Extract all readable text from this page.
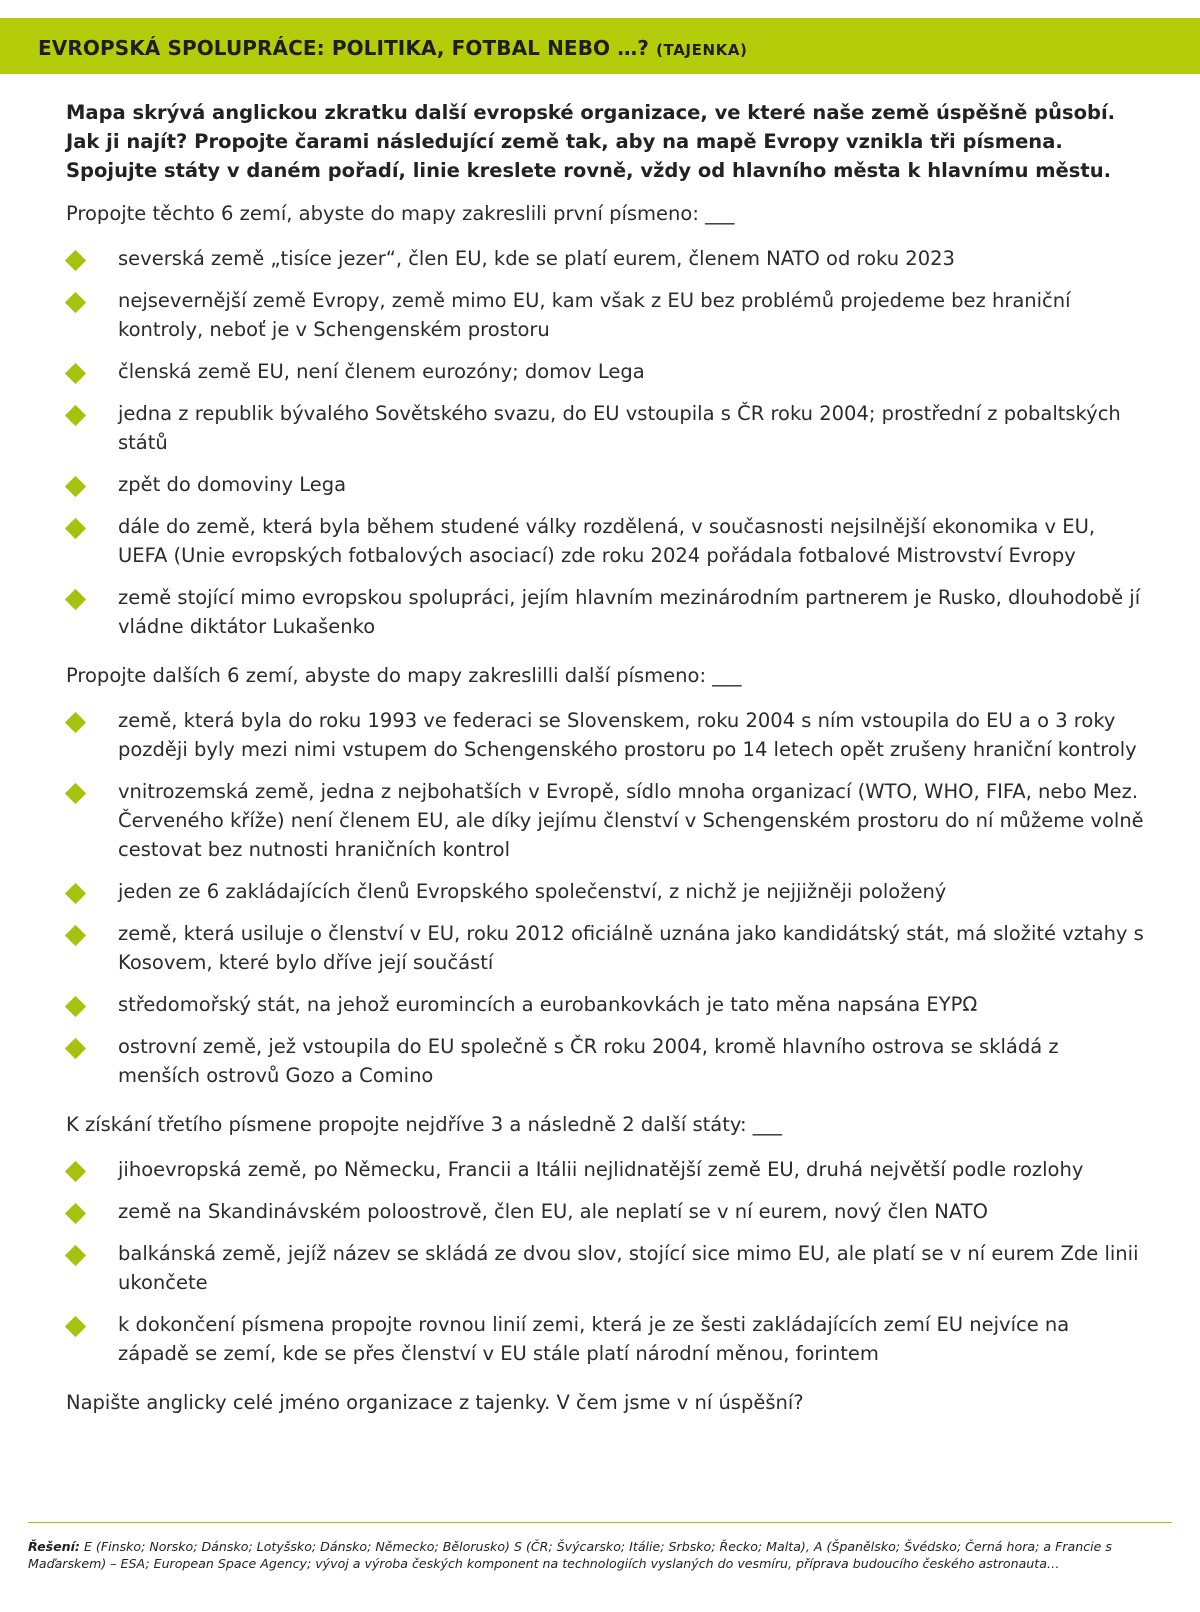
EVROPSKÁ SPOLUPRÁCE: POLITIKA, FOTBAL NEBO …? (TAJENKA)

Mapa skrývá anglickou zkratku další evropské organizace, ve které naše země úspěšně působí. Jak ji najít? Propojte čarami následující země tak, aby na mapě Evropy vznikla tři písmena. Spojujte státy v daném pořadí, linie kreslete rovně, vždy od hlavního města k hlavnímu městu.

Propojte těchto 6 zemí, abyste do mapy zakreslili první písmeno: ___

severská země „tisíce jezer“, člen EU, kde se platí eurem, členem NATO od roku 2023
nejsevernější země Evropy, země mimo EU, kam však z EU bez problémů projedeme bez hraniční kontroly, neboť je v Schengenském prostoru
členská země EU, není členem eurozóny; domov Lega
jedna z republik bývalého Sovětského svazu, do EU vstoupila s ČR roku 2004; prostřední z pobaltských států
zpět do domoviny Lega
dále do země, která byla během studené války rozdělená, v současnosti nejsilnější ekonomika v EU, UEFA (Unie evropských fotbalových asociací) zde roku 2024 pořádala fotbalové Mistrovství Evropy
země stojící mimo evropskou spolupráci, jejím hlavním mezinárodním partnerem je Rusko, dlouhodobě jí vládne diktátor Lukašenko

Propojte dalších 6 zemí, abyste do mapy zakreslilli další písmeno: ___

země, která byla do roku 1993 ve federaci se Slovenskem, roku 2004 s ním vstoupila do EU a o 3 roky později byly mezi nimi vstupem do Schengenského prostoru po 14 letech opět zrušeny hraniční kontroly
vnitrozemská země, jedna z nejbohatších v Evropě, sídlo mnoha organizací (WTO, WHO, FIFA, nebo Mez. Červeného kříže) není členem EU, ale díky jejímu členství v Schengenském prostoru do ní můžeme volně cestovat bez nutnosti hraničních kontrol
jeden ze 6 zakládajících členů Evropského společenství, z nichž je nejjižněji položený
země, která usiluje o členství v EU, roku 2012 oficiálně uznána jako kandidátský stát, má složité vztahy s Kosovem, které bylo dříve její součástí
středomořský stát, na jehož euromincích a eurobankovkách je tato měna napsána ΕΥΡΩ
ostrovní země, jež vstoupila do EU společně s ČR roku 2004, kromě hlavního ostrova se skládá z menších ostrovů Gozo a Comino

K získání třetího písmene propojte nejdříve 3 a následně 2 další státy: ___

jihoevropská země, po Německu, Francii a Itálii nejlidnatější země EU, druhá největší podle rozlohy
země na Skandinávském poloostrově, člen EU, ale neplatí se v ní eurem, nový člen NATO
balkánská země, jejíž název se skládá ze dvou slov, stojící sice mimo EU, ale platí se v ní eurem Zde linii ukončete
k dokončení písmena propojte rovnou linií zemi, která je ze šesti zakládajících zemí EU nejvíce na západě se zemí, kde se přes členství v EU stále platí národní měnou, forintem

Napište anglicky celé jméno organizace z tajenky. V čem jsme v ní úspěšní?

Řešení: E (Finsko; Norsko; Dánsko; Lotyšsko; Dánsko; Německo; Bělorusko) S (ČR; Švýcarsko; Itálie; Srbsko; Řecko; Malta), A (Španělsko; Švédsko; Černá hora; a Francie s Maďarskem) – ESA; European Space Agency; vývoj a výroba českých komponent na technologiích vyslaných do vesmíru, příprava budoucího českého astronauta…
